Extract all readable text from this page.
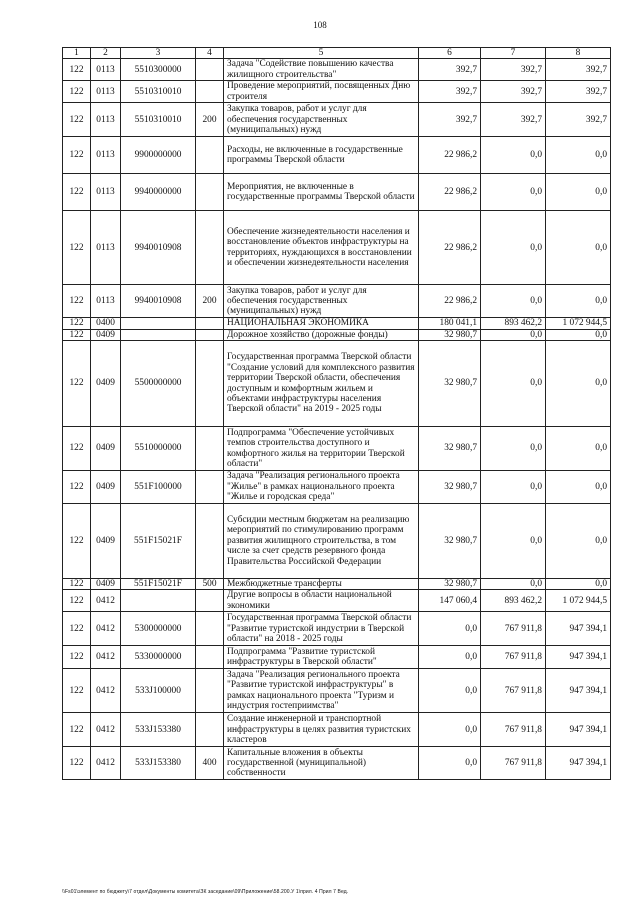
108
1	2	3	4	5	6	7	8
122	0113	5510300000		Задача "Содействие повышению качества жилищного строительства"	392,7	392,7	392,7
122	0113	5510310010		Проведение мероприятий, посвященных Дню строителя	392,7	392,7	392,7
122	0113	5510310010	200	Закупка товаров, работ и услуг для обеспечения государственных (муниципальных) нужд	392,7	392,7	392,7
122	0113	9900000000		Расходы, не включенные в государственные программы Тверской области	22 986,2	0,0	0,0
122	0113	9940000000		Мероприятия, не включенные в государственные программы Тверской области	22 986,2	0,0	0,0
122	0113	9940010908		Обеспечение жизнедеятельности населения и восстановление объектов инфраструктуры на территориях, нуждающихся в восстановлении и обеспечении жизнедеятельности населения	22 986,2	0,0	0,0
122	0113	9940010908	200	Закупка товаров, работ и услуг для обеспечения государственных (муниципальных) нужд	22 986,2	0,0	0,0
122	0400			НАЦИОНАЛЬНАЯ ЭКОНОМИКА	180 041,1	893 462,2	1 072 944,5
122	0409			Дорожное хозяйство (дорожные фонды)	32 980,7	0,0	0,0
122	0409	5500000000		Государственная программа Тверской области "Создание условий для комплексного развития территории Тверской области, обеспечения доступным и комфортным жильем и объектами инфраструктуры населения Тверской области" на 2019 - 2025 годы	32 980,7	0,0	0,0
122	0409	5510000000		Подпрограмма "Обеспечение устойчивых темпов строительства доступного и комфортного жилья на территории Тверской области"	32 980,7	0,0	0,0
122	0409	551F100000		Задача "Реализация регионального проекта "Жилье" в рамках национального проекта "Жилье и городская среда"	32 980,7	0,0	0,0
122	0409	551F15021F		Субсидии местным бюджетам на реализацию мероприятий по стимулированию программ развития жилищного строительства, в том числе за счет средств резервного фонда Правительства Российской Федерации	32 980,7	0,0	0,0
122	0409	551F15021F	500	Межбюджетные трансферты	32 980,7	0,0	0,0
122	0412			Другие вопросы в области национальной экономики	147 060,4	893 462,2	1 072 944,5
122	0412	5300000000		Государственная программа Тверской области "Развитие туристской индустрии в Тверской области" на 2018 - 2025 годы	0,0	767 911,8	947 394,1
122	0412	5330000000		Подпрограмма "Развитие туристской инфраструктуры в Тверской области"	0,0	767 911,8	947 394,1
122	0412	533J100000		Задача "Реализация регионального проекта "Развитие туристской инфраструктуры" в рамках национального проекта "Туризм и индустрия гостеприимства"	0,0	767 911,8	947 394,1
122	0412	533J153380		Создание инженерной и транспортной инфраструктуры в целях развития туристских кластеров	0,0	767 911,8	947 394,1
122	0412	533J153380	400	Капитальные вложения в объекты государственной (муниципальной) собственности	0,0	767 911,8	947 394,1
\\Fs01\элемент по бюджету\7 отдел\Документы комитета\ЗК заседание\09\Приложение\58.200.У 1\прил. 4 Прил 7 Вед.
